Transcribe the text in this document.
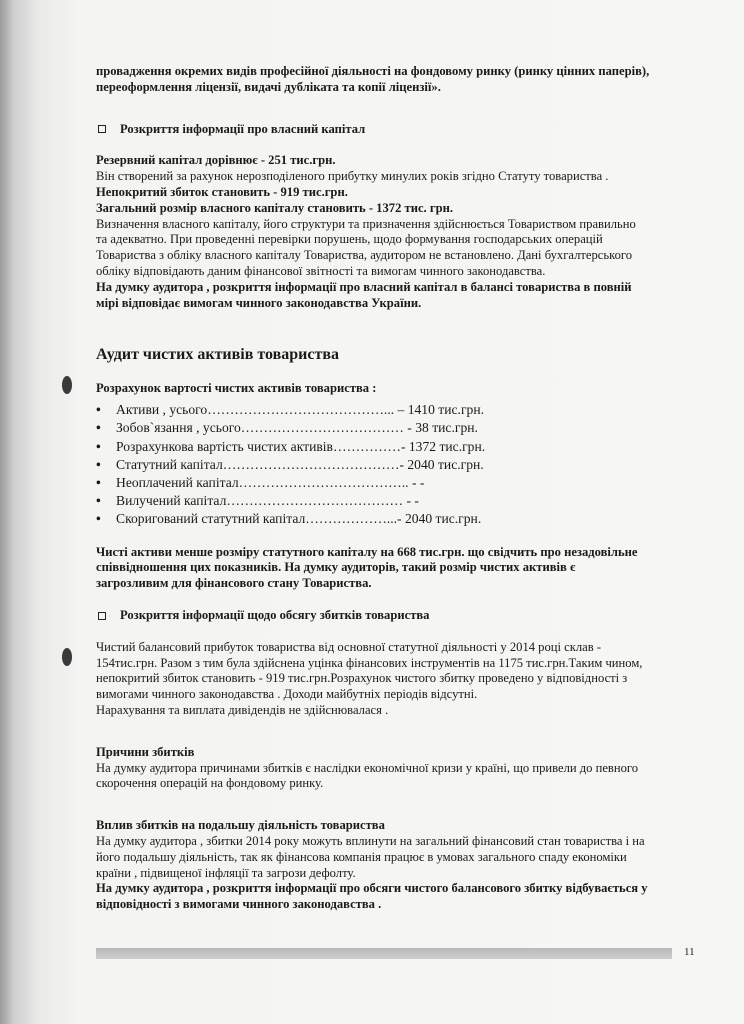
провадження окремих видів професійної діяльності на фондовому ринку (ринку цінних паперів),

переоформлення ліцензії, видачі дубліката та копії ліцензії».

Розкриття інформації про власний капітал

Резервний капітал дорівнює - 251 тис.грн.

Він створений за рахунок нерозподіленого прибутку минулих років згідно Статуту товариства .

Непокритий збиток становить - 919 тис.грн.

Загальний розмір власного капіталу становить - 1372 тис. грн.

Визначення власного капіталу, його структури та призначення здійснюється Товариством правильно

та адекватно. При проведенні перевірки порушень, щодо формування господарських операцій

Товариства з обліку власного капіталу Товариства, аудитором не встановлено. Дані бухгалтерського

обліку відповідають даним фінансової звітності та вимогам чинного законодавства.

На думку аудитора , розкриття інформації про власний капітал в балансі товариства в повній

мірі відповідає вимогам чинного законодавства України.

Аудит чистих активів товариства

Розрахунок вартості чистих активів товариства :

•	Активи , усього…………………………………... – 1410 тис.грн.
•	Зобов`язання , усього……………………………… - 38 тис.грн.
•	Розрахункова вартість чистих активів……………- 1372 тис.грн.
•	Статутний капітал…………………………………- 2040 тис.грн.
•	Неоплачений капітал……………………………….. - -
•	Вилучений капітал………………………………… - -
•	Скоригований статутний капітал………………...- 2040 тис.грн.

Чисті активи менше розміру статутного капіталу на 668 тис.грн. що свідчить про незадовільне

співвідношення цих показників. На думку аудиторів, такий розмір чистих активів є

загрозливим для фінансового стану Товариства.

Розкриття інформації щодо обсягу збитків товариства

Чистий балансовий прибуток товариства від основної статутної діяльності у 2014 році склав -

154тис.грн. Разом з тим була здійснена уцінка фінансових інструментів на 1175 тис.грн.Таким чином,

непокритий збиток становить - 919 тис.грн.Розрахунок чистого збитку проведено у відповідності з

вимогами чинного законодавства . Доходи майбутніх періодів відсутні.

Нарахування та виплата дивідендів не здійснювалася .

Причини збитків

На думку аудитора причинами збитків є наслідки економічної кризи у країні, що привели до певного

скорочення операцій на фондовому ринку.

Вплив збитків на подальшу діяльність товариства

На думку аудитора , збитки 2014 року можуть вплинути на загальний фінансовий стан товариства і на

його подальшу діяльність, так як фінансова компанія працює в умовах загального спаду економіки

країни , підвищеної інфляції та загрози дефолту.

На думку аудитора , розкриття інформації про обсяги чистого балансового збитку відбувається у

відповідності з вимогами чинного законодавства .

11
